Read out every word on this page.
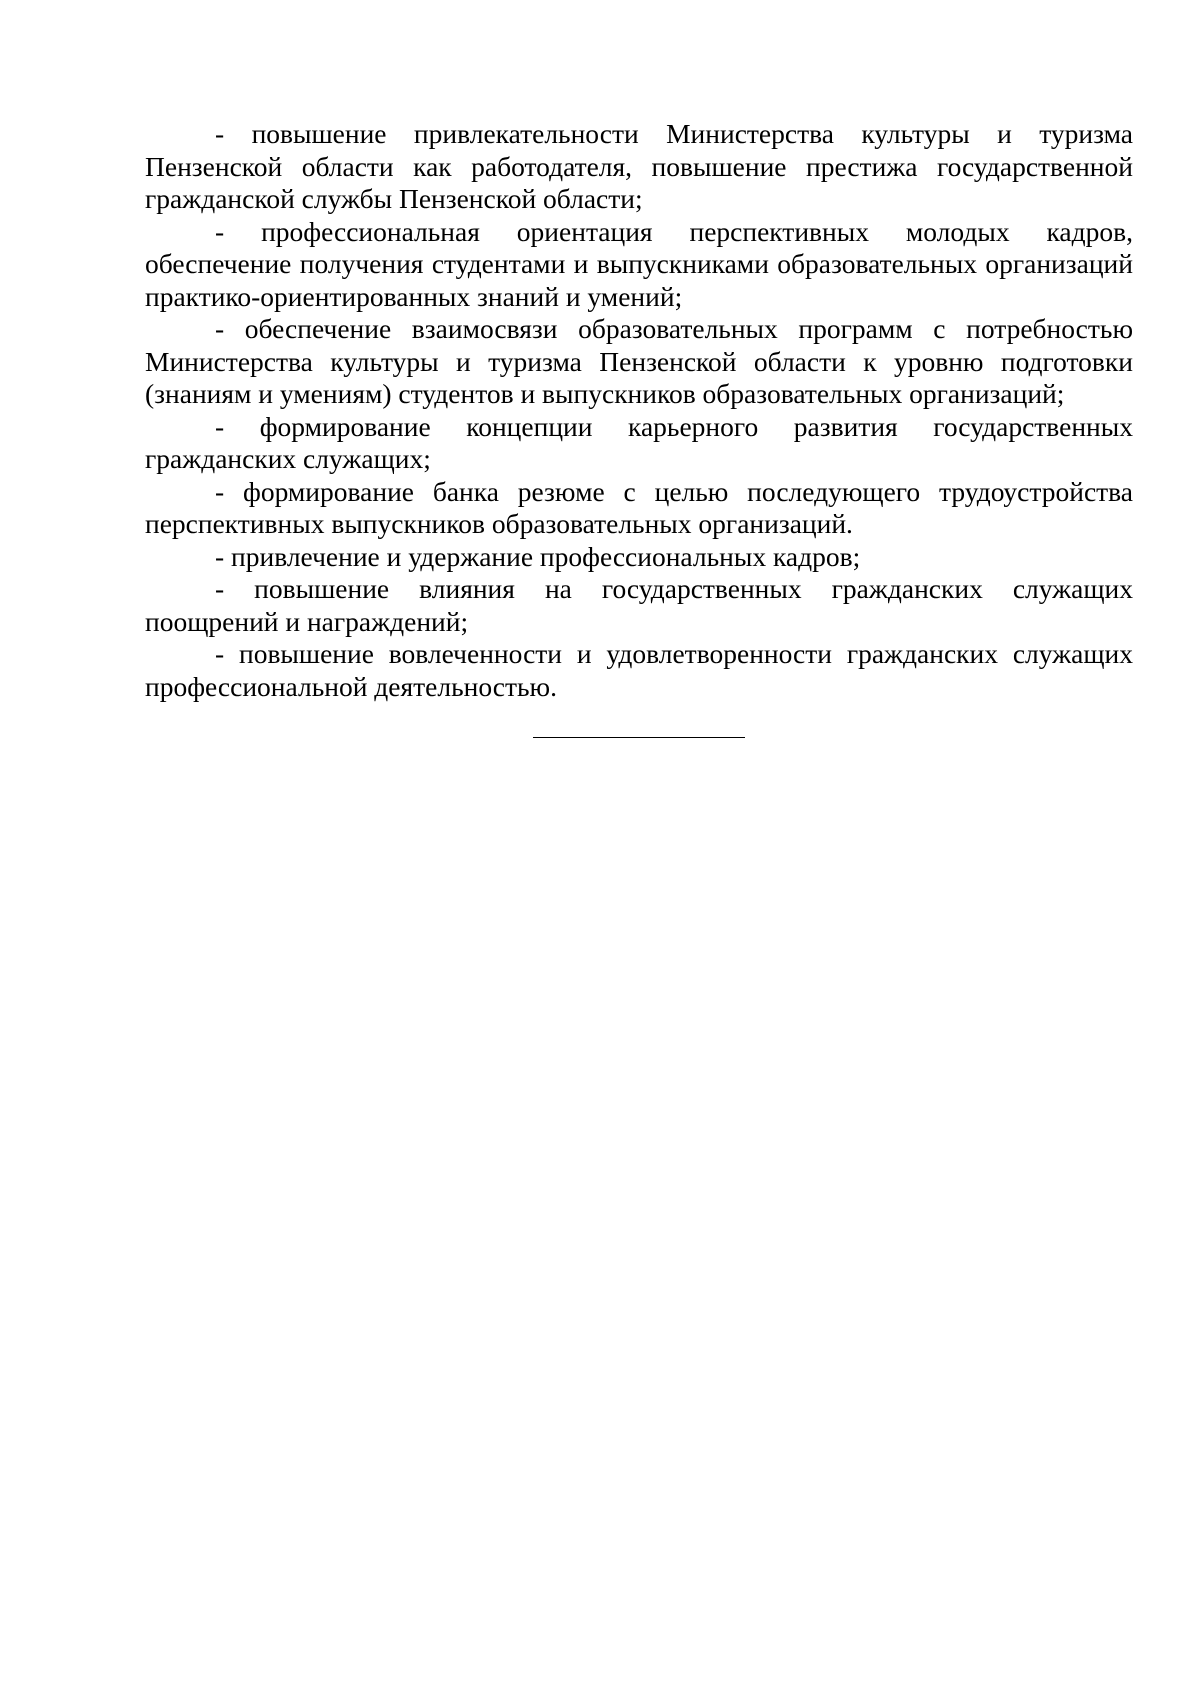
- повышение привлекательности Министерства культуры и туризма Пензенской области как работодателя, повышение престижа государственной гражданской службы Пензенской области;

- профессиональная ориентация перспективных молодых кадров, обеспечение получения студентами и выпускниками образовательных организаций практико-ориентированных знаний и умений;

- обеспечение взаимосвязи образовательных программ с потребностью Министерства культуры и туризма Пензенской области к уровню подготовки (знаниям и умениям) студентов и выпускников образовательных организаций;

- формирование концепции карьерного развития государственных гражданских служащих;

- формирование банка резюме с целью последующего трудоустройства перспективных выпускников образовательных организаций.

- привлечение и удержание профессиональных кадров;

- повышение влияния на государственных гражданских служащих поощрений и награждений;

- повышение вовлеченности и удовлетворенности гражданских служащих профессиональной деятельностью.
